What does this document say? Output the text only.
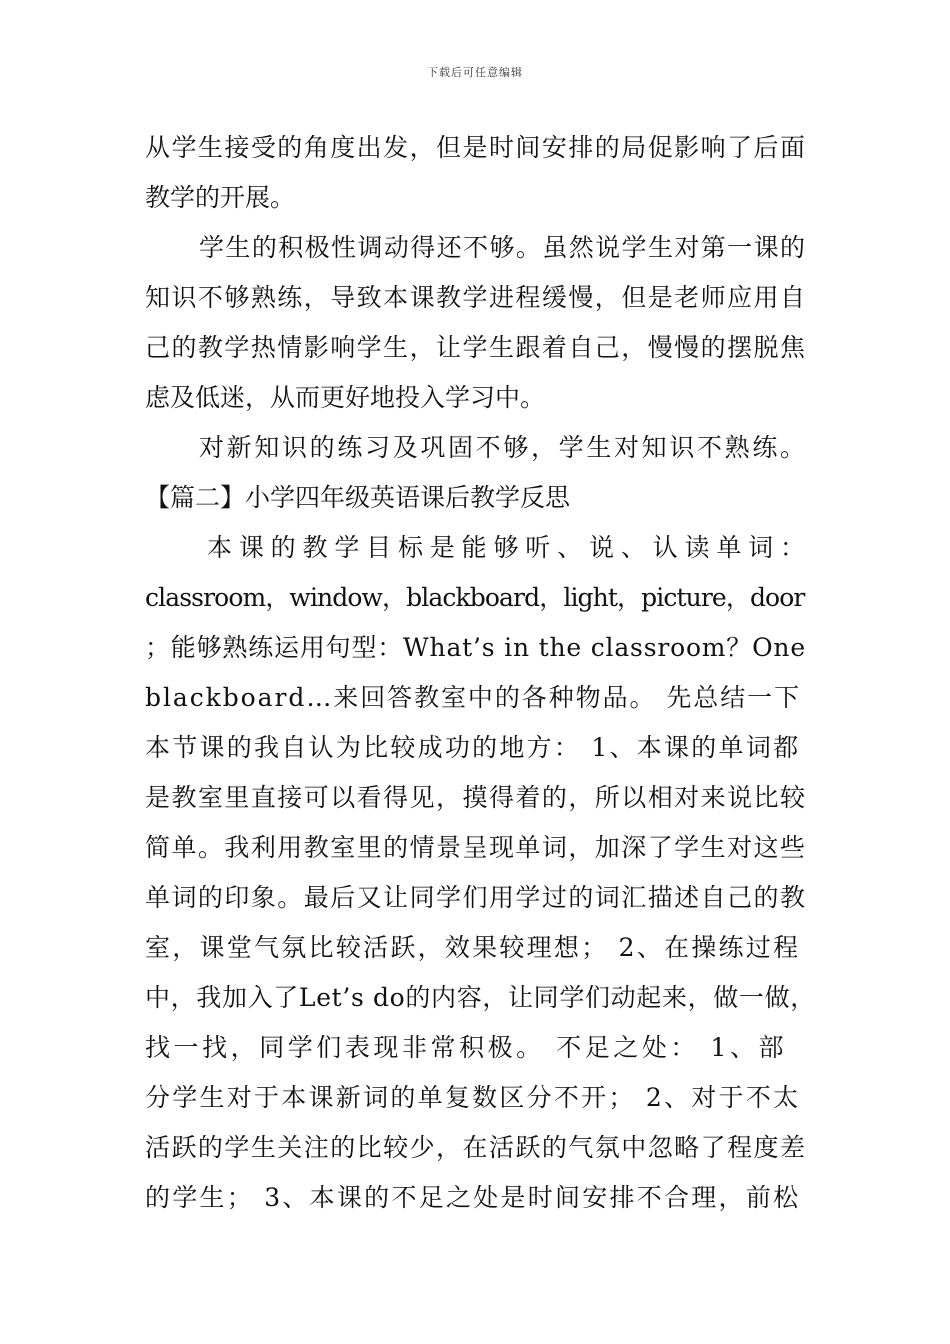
下载后可任意编辑
从学生接受的角度出发，但是时间安排的局促影响了后面
教学的开展。
学生的积极性调动得还不够。虽然说学生对第一课的
知识不够熟练，导致本课教学进程缓慢，但是老师应用自
己的教学热情影响学生，让学生跟着自己，慢慢的摆脱焦
虑及低迷，从而更好地投入学习中。
对新知识的练习及巩固不够，学生对知识不熟练。
【篇二】小学四年级英语课后教学反思
本课的教学目标是能够听、说、认读单词：
classroom，window，blackboard，light，picture，door
；能够熟练运用句型：What’s in the classroom？One
blackboard…来回答教室中的各种物品。 先总结一下
本节课的我自认为比较成功的地方： 1、本课的单词都
是教室里直接可以看得见，摸得着的，所以相对来说比较
简单。我利用教室里的情景呈现单词，加深了学生对这些
单词的印象。最后又让同学们用学过的词汇描述自己的教
室，课堂气氛比较活跃，效果较理想； 2、在操练过程
中，我加入了Let’s do的内容，让同学们动起来，做一做，
找一找，同学们表现非常积极。 不足之处： 1、部
分学生对于本课新词的单复数区分不开； 2、对于不太
活跃的学生关注的比较少，在活跃的气氛中忽略了程度差
的学生； 3、本课的不足之处是时间安排不合理，前松
